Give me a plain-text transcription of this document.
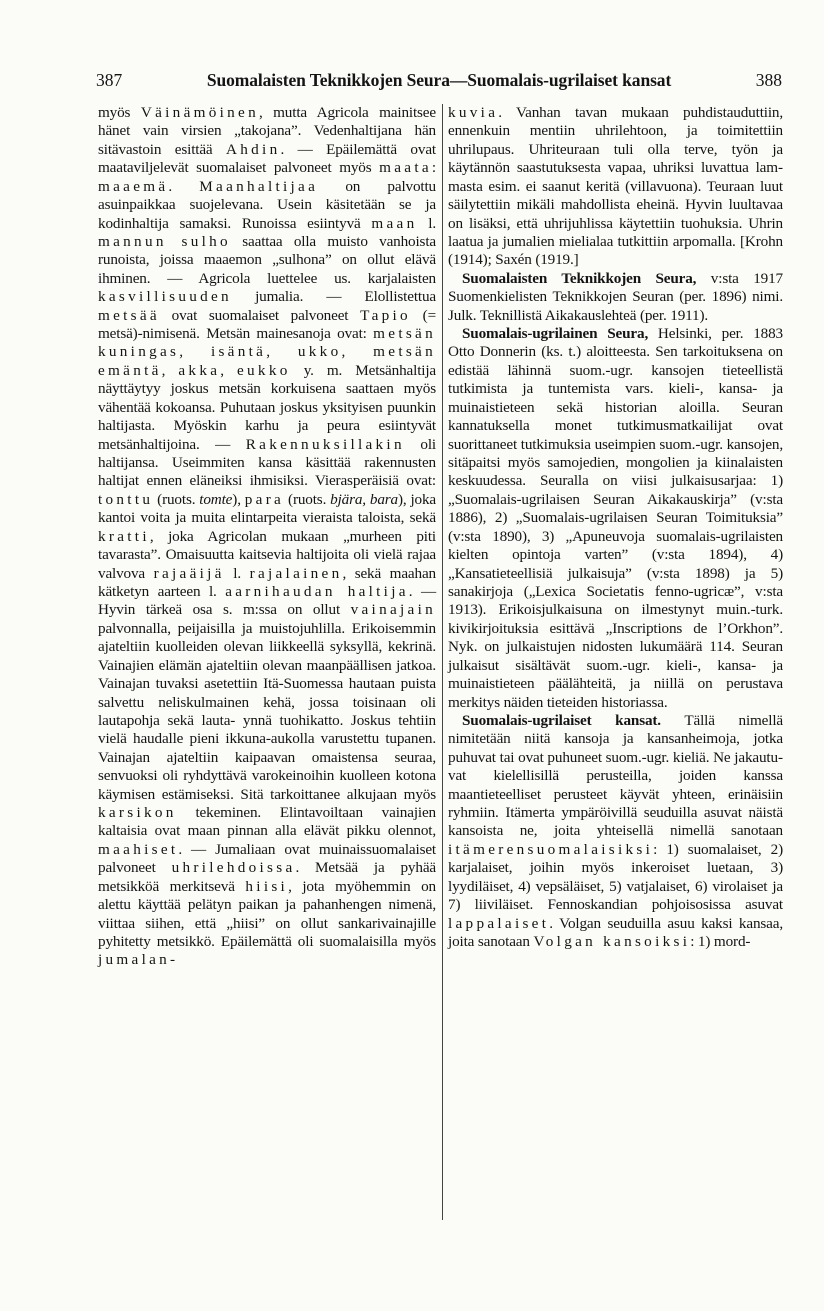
387	Suomalaisten Teknikkojen Seura—Suomalais-ugrilaiset kansat	388

myös Väinämöinen, mutta Agricola mainitsee hänet vain virsien „takojana”. Vedenhaltijana hän sitävastoin esittää Ahdin. — Epäilemättä ovat maataviljelevät suomalaiset palvoneet myös maata: maaemä. Maanhaltijaa on palvottu asuinpaikkaa suojelevana. Usein käsitetään se ja kodinhaltija samaksi. Runoissa esiintyvä maan l. mannun sulho saattaa olla muisto vanhoista runoista, joissa maaemon „sulhona” on ollut elävä ihminen. — Agricola luettelee us. karjalaisten kasvillisuuden jumalia. — Elollistettua metsää ovat suomalaiset palvoneet Tapio (= metsä)-nimisenä. Metsän mainesanoja ovat: metsän kuningas, isäntä, ukko, metsän emäntä, akka, eukko y. m. Metsänhaltija näyttäytyy joskus metsän korkuisena saattaen myös vähentää kokoansa. Puhutaan joskus yksityisen puunkin haltijasta. Myöskin karhu ja peura esiintyvät metsänhaltijoina. — Rakennuksillakin oli haltijansa. Useimmiten kansa käsittää rakennusten haltijat ennen eläneiksi ihmisiksi. Vierasperäisiä ovat: tonttu (ruots. tomte), para (ruots. bjära, bara), joka kantoi voita ja muita elintarpeita vieraista taloista, sekä kratti, joka Agricolan mukaan „murheen piti tavarasta”. Omaisuutta kaitsevia haltijoita oli vielä rajaa valvova rajaäijä l. rajalainen, sekä maahan kätketyn aarteen l. aarnihaudan haltija. — Hyvin tärkeä osa s. m:ssa on ollut vainajain palvonnalla, peijaisilla ja muistojuhlilla. Erikoisemmin ajateltiin kuolleiden olevan liikkeellä syksyllä, kekrinä. Vainajien elämän ajateltiin olevan maanpäällisen jatkoa. Vainajan tuvaksi asetettiin Itä-Suomessa hautaan puista salvettu neliskulmainen kehä, jossa toisinaan oli lautapohja sekä lauta- ynnä tuohikatto. Joskus tehtiin vielä haudalle pieni ikkuna-aukolla varustettu tupanen. Vainajan ajateltiin kaipaavan omaistensa seuraa, senvuoksi oli ryhdyttävä varokeinoihin kuolleen kotona käymisen estämiseksi. Sitä tarkoittanee alkujaan myös karsikon tekeminen. Elintavoiltaan vainajien kaltaisia ovat maan pinnan alla elävät pikku olennot, maahiset. — Jumaliaan ovat muinaissuomalaiset palvoneet uhrilehdoissa. Metsää ja pyhää metsikköä merkitsevä hiisi, jota myöhemmin on alettu käyttää pelätyn paikan ja pahanhengen nimenä, viittaa siihen, että „hiisi” on ollut sankarivainajille pyhitetty metsikkö. Epäilemättä oli suomalaisilla myös jumalan-

kuvia. Vanhan tavan mukaan puhdistauduttiin, ennenkuin mentiin uhrilehtoon, ja toimitettiin uhrilupaus. Uhriteuraan tuli olla terve, työn ja käytännön saastutuksesta vapaa, uhriksi luvattua lammasta esim. ei saanut keritä (villavuona). Teuraan luut säilytettiin mikäli mahdollista eheinä. Hyvin luultavaa on lisäksi, että uhrijuhlissa käytettiin tuohuksia. Uhrin laatua ja jumalien mielialaa tutkittiin arpomalla. [Krohn (1914); Saxén (1919.]

Suomalaisten Teknikkojen Seura, v:sta 1917 Suomenkielisten Teknikkojen Seuran (per. 1896) nimi. Julk. Teknillistä Aikakauslehteä (per. 1911).

Suomalais-ugrilainen Seura, Helsinki, per. 1883 Otto Donnerin (ks. t.) aloitteesta. Sen tarkoituksena on edistää lähinnä suom.-ugr. kansojen tieteellistä tutkimista ja tuntemista vars. kieli-, kansa- ja muinaistieteen sekä historian aloilla. Seuran kannatuksella monet tutkimusmatkailijat ovat suorittaneet tutkimuksia useimpien suom.-ugr. kansojen, sitäpaitsi myös samojedien, mongolien ja kiinalaisten keskuudessa. Seuralla on viisi julkaisusarjaa: 1) „Suomalais-ugrilaisen Seuran Aikakauskirja” (v:sta 1886), 2) „Suomalais-ugrilaisen Seuran Toimituksia” (v:sta 1890), 3) „Apuneuvoja suomalais-ugrilaisten kielten opintoja varten” (v:sta 1894), 4) „Kansatieteellisiä julkaisuja” (v:sta 1898) ja 5) sanakirjoja („Lexica Societatis fenno-ugricæ”, v:sta 1913). Erikoisjulkaisuna on ilmestynyt muin.-turk. kivikirjoituksia esittävä „Inscriptions de l’Orkhon”. Nyk. on julkaistujen nidosten lukumäärä 114. Seuran julkaisut sisältävät suom.-ugr. kieli-, kansa- ja muinaistieteen päälähteitä, ja niillä on perustava merkitys näiden tieteiden historiassa.

Suomalais-ugrilaiset kansat. Tällä nimellä nimitetään niitä kansoja ja kansanheimoja, jotka puhuvat tai ovat puhuneet suom.-ugr. kieliä. Ne jakautuvat kielellisillä perusteilla, joiden kanssa maantieteelliset perusteet käyvät yhteen, erinäisiin ryhmiin. Itämerta ympäröivillä seuduilla asuvat näistä kansoista ne, joita yhteisellä nimellä sanotaan itämerensuomalaisiksi: 1) suomalaiset, 2) karjalaiset, joihin myös inkeroiset luetaan, 3) lyydiläiset, 4) vepsäläiset, 5) vatjalaiset, 6) virolaiset ja 7) liiviläiset. Fennoskandian pohjoisosissa asuvat lappalaiset. Volgan seuduilla asuu kaksi kansaa, joita sanotaan Volgan kansoiksi: 1) mord-
